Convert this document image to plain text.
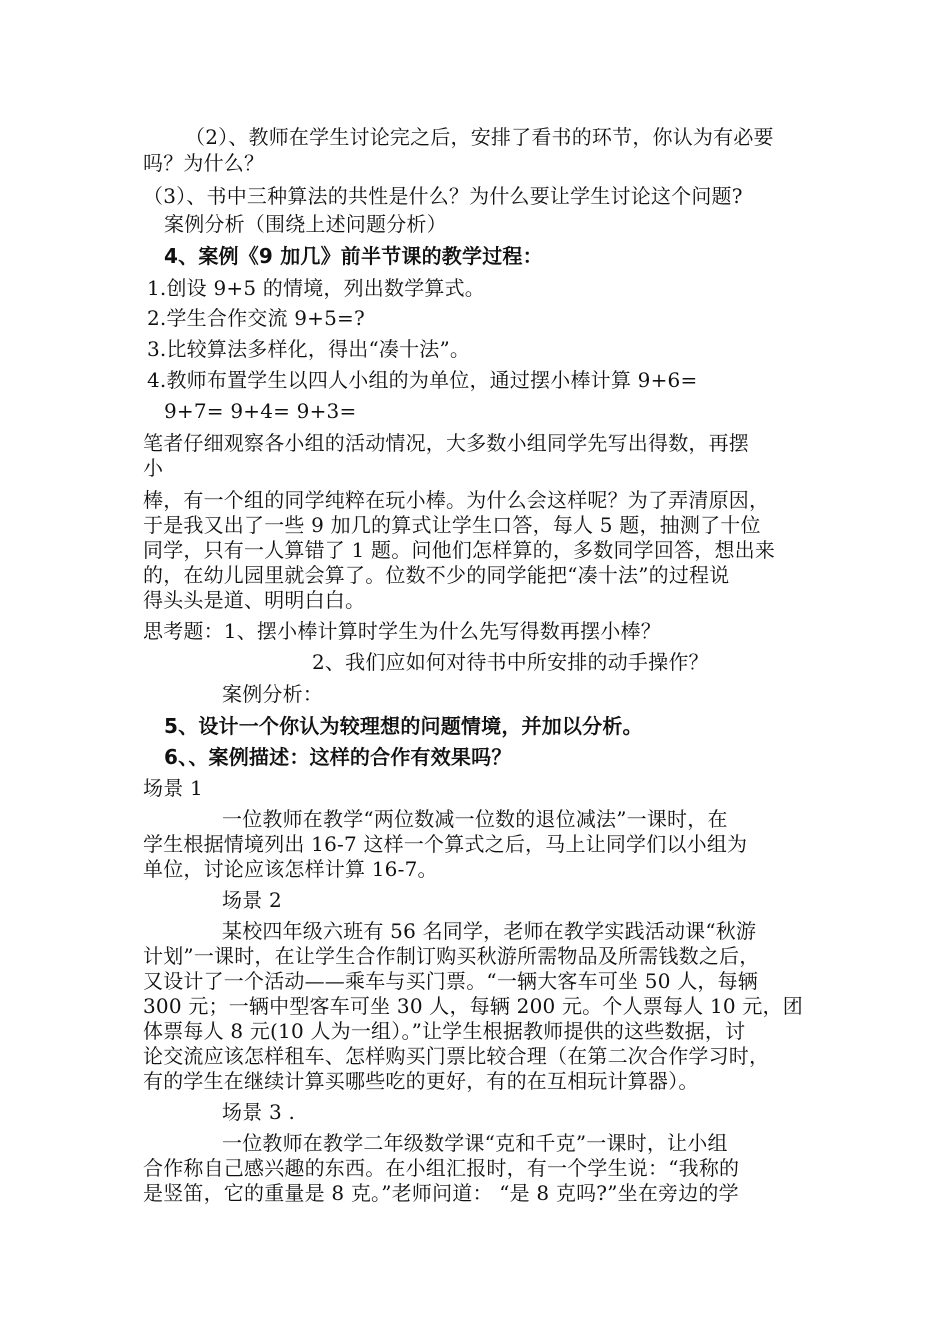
（2）、教师在学生讨论完之后，安排了看书的环节，你认为有必要
吗？为什么？
（3）、书中三种算法的共性是什么？为什么要让学生讨论这个问题?
案例分析（围绕上述问题分析）
4、案例《9 加几》前半节课的教学过程：
1.创设 9+5 的情境，列出数学算式。
2.学生合作交流 9+5=?
3.比较算法多样化，得出“凑十法”。
4.教师布置学生以四人小组的为单位，通过摆小棒计算 9+6=
9+7= 9+4= 9+3=
笔者仔细观察各小组的活动情况，大多数小组同学先写出得数，再摆
小
棒，有一个组的同学纯粹在玩小棒。为什么会这样呢？为了弄清原因，
于是我又出了一些 9 加几的算式让学生口答，每人 5 题，抽测了十位
同学，只有一人算错了 1 题。问他们怎样算的，多数同学回答，想出来
的，在幼儿园里就会算了。位数不少的同学能把“凑十法”的过程说
得头头是道、明明白白。
思考题：1、摆小棒计算时学生为什么先写得数再摆小棒？
2、我们应如何对待书中所安排的动手操作？
案例分析：
5、设计一个你认为较理想的问题情境，并加以分析。
6、、案例描述：这样的合作有效果吗？
场景 1
一位教师在教学“两位数减一位数的退位减法”一课时，在
学生根据情境列出 16-7 这样一个算式之后，马上让同学们以小组为
单位，讨论应该怎样计算 16-7。
场景 2
某校四年级六班有 56 名同学，老师在教学实践活动课“秋游
计划”一课时，在让学生合作制订购买秋游所需物品及所需钱数之后，
又设计了一个活动——乘车与买门票。“一辆大客车可坐 50 人，每辆
300 元；一辆中型客车可坐 30 人，每辆 200 元。个人票每人 10 元，团
体票每人 8 元(10 人为一组）。”让学生根据教师提供的这些数据，讨
论交流应该怎样租车、怎样购买门票比较合理（在第二次合作学习时，
有的学生在继续计算买哪些吃的更好，有的在互相玩计算器）。
场景 3 .
一位教师在教学二年级数学课“克和千克”一课时，让小组
合作称自己感兴趣的东西。在小组汇报时，有一个学生说：“我称的
是竖笛，它的重量是 8 克。”老师问道： “是 8 克吗?”坐在旁边的学
